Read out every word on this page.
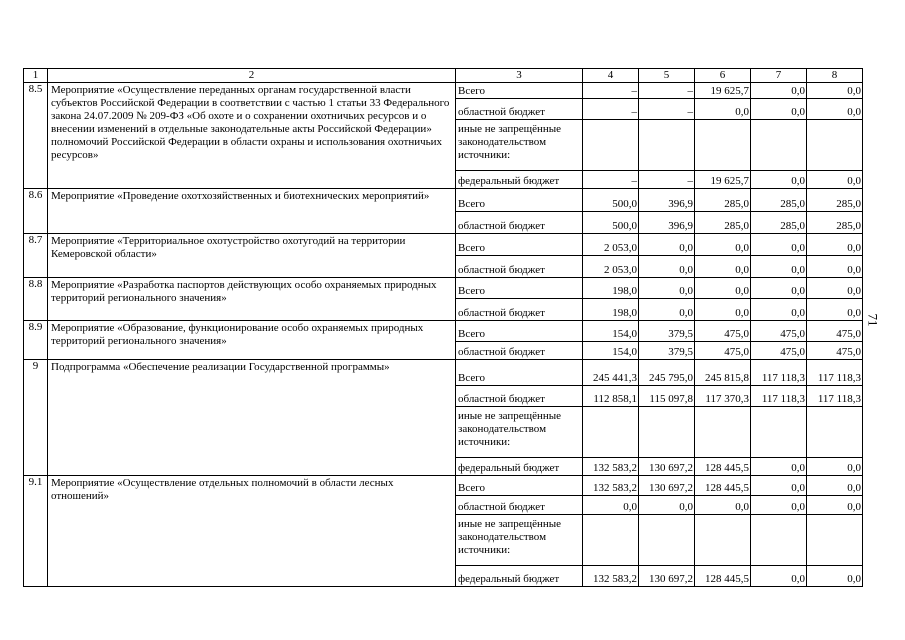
1	2	3	4	5	6	7	8
8.5	Мероприятие «Осуществление переданных органам государственной власти субъектов Российской Федерации в соответствии с частью 1 статьи 33 Федерального закона 24.07.2009 № 209-ФЗ «Об охоте и о сохранении охотничьих ресурсов и о внесении изменений в отдельные законодательные акты Российской Федерации» полномочий Российской Федерации в области охраны и использования охотничьих ресурсов»	Всего	–	–	19 625,7	0,0	0,0
		областной бюджет	–	–	0,0	0,0	0,0
		иные не запрещённые законодательством источники:					
		федеральный бюджет	–	–	19 625,7	0,0	0,0
8.6	Мероприятие «Проведение охотхозяйственных и биотехнических мероприятий»	Всего	500,0	396,9	285,0	285,0	285,0
		областной бюджет	500,0	396,9	285,0	285,0	285,0
8.7	Мероприятие «Территориальное охотустройство охотугодий на территории Кемеровской области»	Всего	2 053,0	0,0	0,0	0,0	0,0
		областной бюджет	2 053,0	0,0	0,0	0,0	0,0
8.8	Мероприятие «Разработка паспортов действующих особо охраняемых природных территорий регионального значения»	Всего	198,0	0,0	0,0	0,0	0,0
		областной бюджет	198,0	0,0	0,0	0,0	0,0
8.9	Мероприятие «Образование, функционирование особо охраняемых природных территорий регионального значения»	Всего	154,0	379,5	475,0	475,0	475,0
		областной бюджет	154,0	379,5	475,0	475,0	475,0
9	Подпрограмма «Обеспечение реализации Государственной программы»	Всего	245 441,3	245 795,0	245 815,8	117 118,3	117 118,3
		областной бюджет	112 858,1	115 097,8	117 370,3	117 118,3	117 118,3
		иные не запрещённые законодательством источники:					
		федеральный бюджет	132 583,2	130 697,2	128 445,5	0,0	0,0
9.1	Мероприятие «Осуществление отдельных полномочий в области лесных отношений»	Всего	132 583,2	130 697,2	128 445,5	0,0	0,0
		областной бюджет	0,0	0,0	0,0	0,0	0,0
		иные не запрещённые законодательством источники:					
		федеральный бюджет	132 583,2	130 697,2	128 445,5	0,0	0,0
71
